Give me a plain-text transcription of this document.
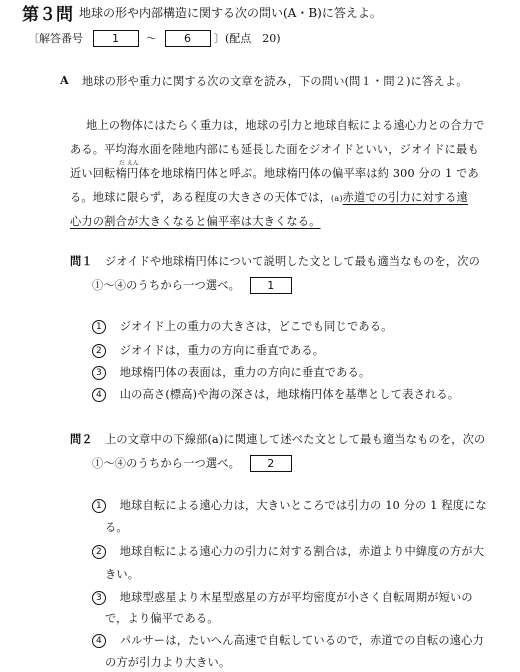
第３問 地球の形や内部構造に関する次の問い(A・B)に答えよ。
〔解答番号	1 〜 6 〕(配点　20)
A 地球の形や重力に関する次の文章を読み，下の問い(問１・問２)に答えよ。
地上の物体にはたらく重力は，地球の引力と地球自転による遠心力との合力で
ある。平均海水面を陸地内部にも延長した面をジオイドといい，ジオイドに最も
近い回転楕円体を地球楕円体と呼ぶ。地球楕円体の偏平率は約 300 分の 1 であ
だ えん
る。地球に限らず，ある程度の大きさの天体では，(a)赤道での引力に対する遠
心力の割合が大きくなると偏平率は大きくなる。
問１ ジオイドや地球楕円体について説明した文として最も適当なものを，次の
①〜④のうちから一つ選べ。 1
1 ジオイド上の重力の大きさは，どこでも同じである。
2 ジオイドは，重力の方向に垂直である。
3 地球楕円体の表面は，重力の方向に垂直である。
4 山の高さ(標高)や海の深さは，地球楕円体を基準として表される。
問２ 上の文章中の下線部(a)に関連して述べた文として最も適当なものを，次の
①〜④のうちから一つ選べ。 2
1 地球自転による遠心力は，大きいところでは引力の 10 分の 1 程度にな
る。
2 地球自転による遠心力の引力に対する割合は，赤道より中緯度の方が大
きい。
3 地球型惑星より木星型惑星の方が平均密度が小さく自転周期が短いの
で，より偏平である。
4 パルサーは，たいへん高速で自転しているので，赤道での自転の遠心力
の方が引力より大きい。
